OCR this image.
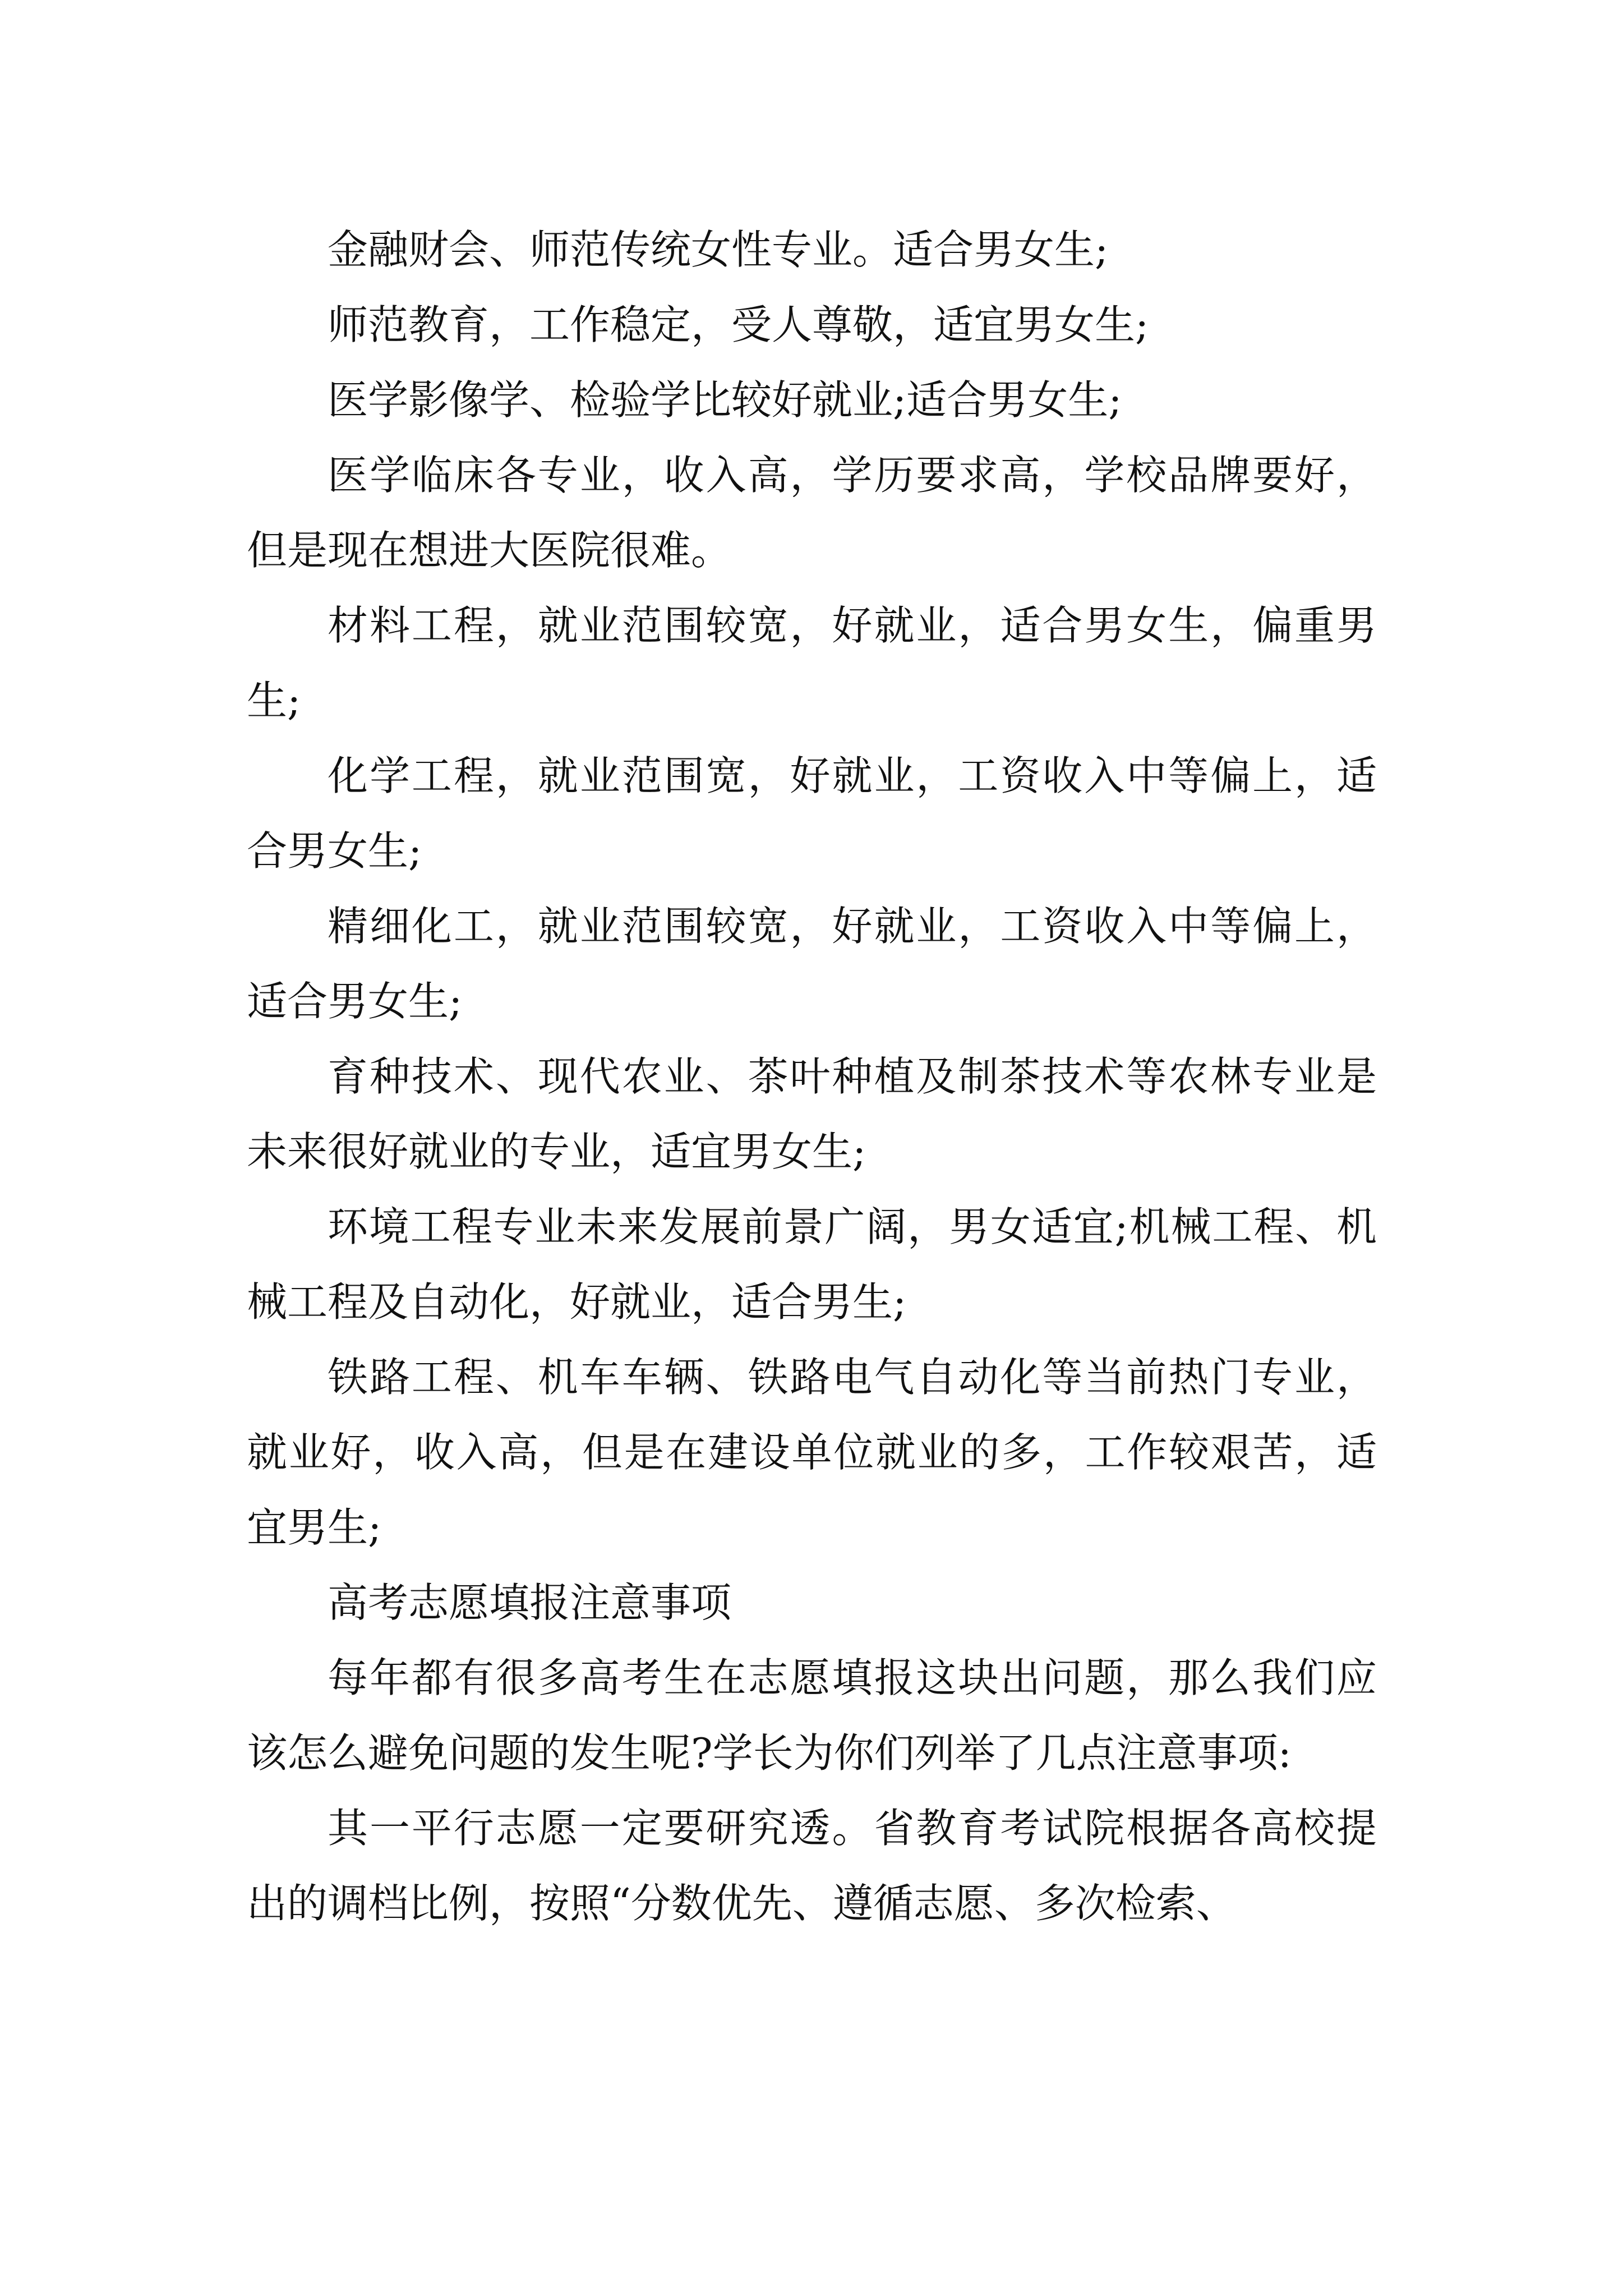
金融财会、师范传统女性专业。适合男女生;

师范教育，工作稳定，受人尊敬，适宜男女生;

医学影像学、检验学比较好就业;适合男女生;

医学临床各专业，收入高，学历要求高，学校品牌要好，但是现在想进大医院很难。

材料工程，就业范围较宽，好就业，适合男女生，偏重男生;

化学工程，就业范围宽，好就业，工资收入中等偏上，适合男女生;

精细化工，就业范围较宽，好就业，工资收入中等偏上，适合男女生;

育种技术、现代农业、茶叶种植及制茶技术等农林专业是未来很好就业的专业，适宜男女生;

环境工程专业未来发展前景广阔，男女适宜;机械工程、机械工程及自动化，好就业，适合男生;

铁路工程、机车车辆、铁路电气自动化等当前热门专业，就业好，收入高，但是在建设单位就业的多，工作较艰苦，适宜男生;

高考志愿填报注意事项

每年都有很多高考生在志愿填报这块出问题，那么我们应该怎么避免问题的发生呢?学长为你们列举了几点注意事项:

其一平行志愿一定要研究透。省教育考试院根据各高校提出的调档比例，按照“分数优先、遵循志愿、多次检索、
